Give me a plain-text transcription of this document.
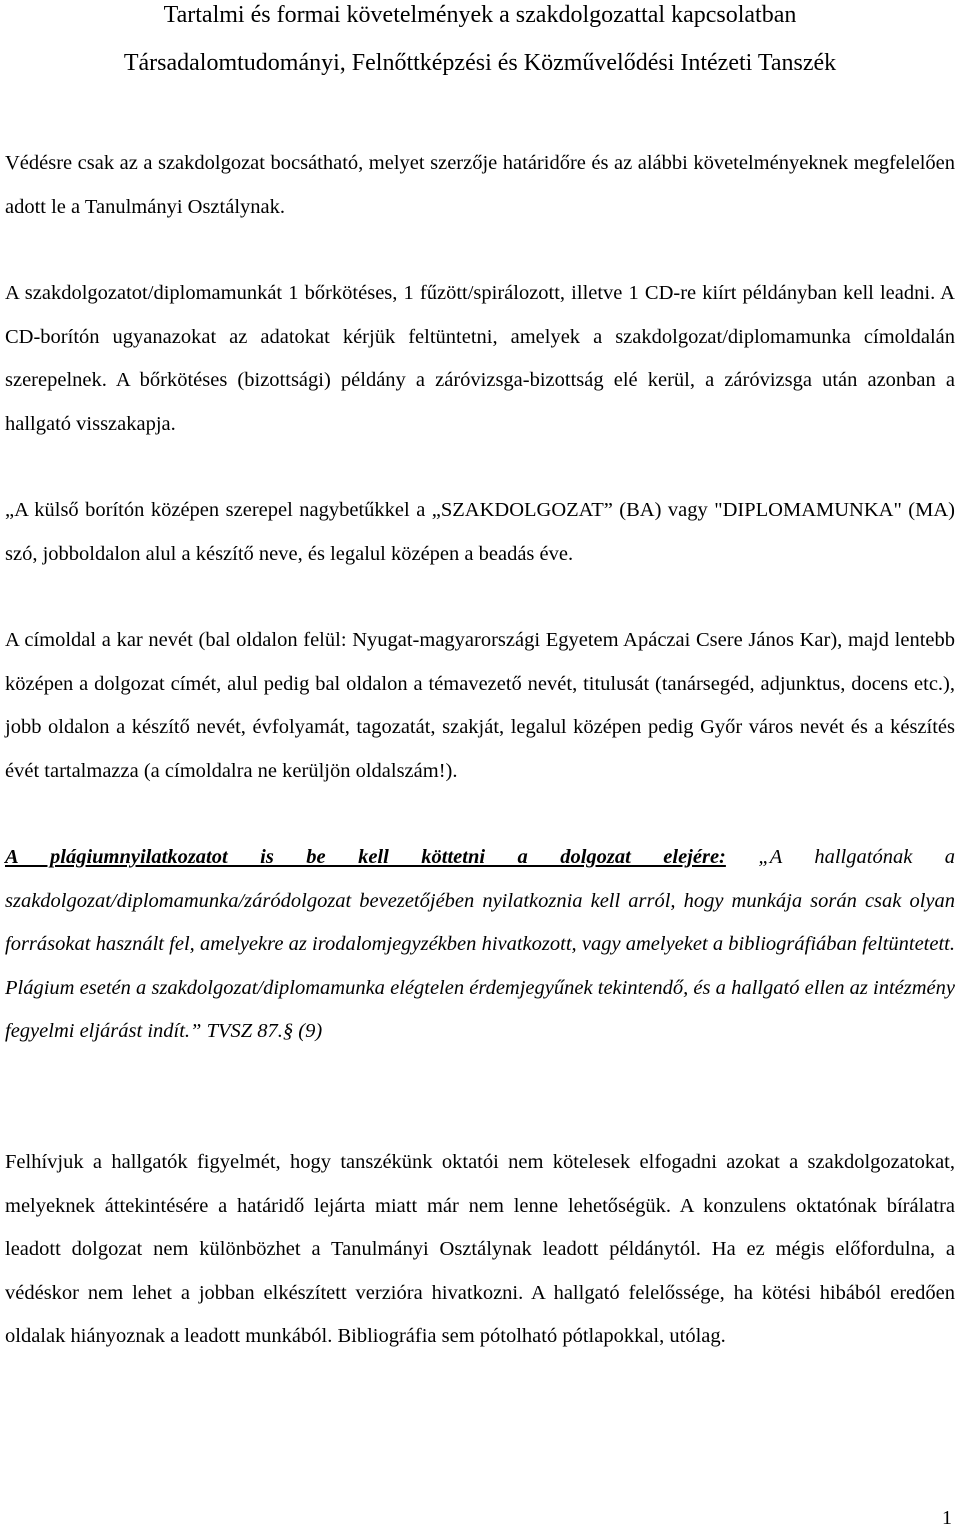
Tartalmi és formai követelmények a szakdolgozattal kapcsolatban
Társadalomtudományi, Felnőttképzési és Közművelődési Intézeti Tanszék

Védésre csak az a szakdolgozat bocsátható, melyet szerzője határidőre és az alábbi követelményeknek megfelelően adott le a Tanulmányi Osztálynak.

A szakdolgozatot/diplomamunkát 1 bőrkötéses, 1 fűzött/spirálozott, illetve 1 CD-re kiírt példányban kell leadni. A CD-borítón ugyanazokat az adatokat kérjük feltüntetni, amelyek a szakdolgozat/diplomamunka címoldalán szerepelnek. A bőrkötéses (bizottsági) példány a záróvizsga-bizottság elé kerül, a záróvizsga után azonban a hallgató visszakapja.

„A külső borítón középen szerepel nagybetűkkel a „SZAKDOLGOZAT” (BA) vagy "DIPLOMAMUNKA" (MA) szó, jobboldalon alul a készítő neve, és legalul középen a beadás éve.

A címoldal a kar nevét (bal oldalon felül: Nyugat-magyarországi Egyetem Apáczai Csere János Kar), majd lentebb középen a dolgozat címét, alul pedig bal oldalon a témavezető nevét, titulusát (tanársegéd, adjunktus, docens etc.), jobb oldalon a készítő nevét, évfolyamát, tagozatát, szakját, legalul középen pedig Győr város nevét és a készítés évét tartalmazza (a címoldalra ne kerüljön oldalszám!).

A plágiumnyilatkozatot is be kell köttetni a dolgozat elejére: „A hallgatónak a szakdolgozat/diplomamunka/záródolgozat bevezetőjében nyilatkoznia kell arról, hogy munkája során csak olyan forrásokat használt fel, amelyekre az irodalomjegyzékben hivatkozott, vagy amelyeket a bibliográfiában feltüntetett. Plágium esetén a szakdolgozat/diplomamunka elégtelen érdemjegyűnek tekintendő, és a hallgató ellen az intézmény fegyelmi eljárást indít.” TVSZ 87.§ (9)

Felhívjuk a hallgatók figyelmét, hogy tanszékünk oktatói nem kötelesek elfogadni azokat a szakdolgozatokat, melyeknek áttekintésére a határidő lejárta miatt már nem lenne lehetőségük. A konzulens oktatónak bírálatra leadott dolgozat nem különbözhet a Tanulmányi Osztálynak leadott példánytól. Ha ez mégis előfordulna, a védéskor nem lehet a jobban elkészített verzióra hivatkozni. A hallgató felelőssége, ha kötési hibából eredően oldalak hiányoznak a leadott munkából. Bibliográfia sem pótolható pótlapokkal, utólag.

1
